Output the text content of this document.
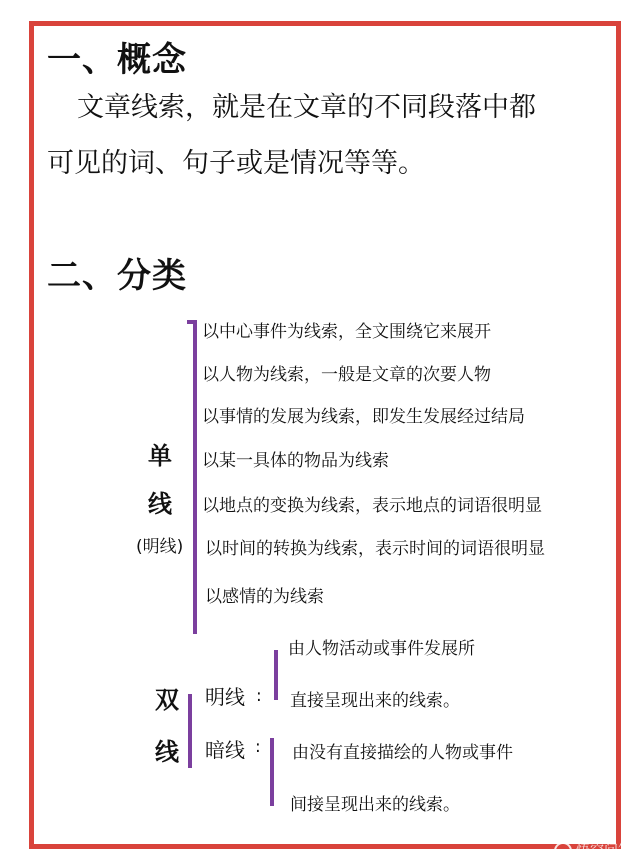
一、概念
文章线索，就是在文章的不同段落中都
可见的词、句子或是情况等等。
二、分类
单
线
(明线)
以中心事件为线索，全文围绕它来展开
以人物为线索，一般是文章的次要人物
以事情的发展为线索，即发生发展经过结局
以某一具体的物品为线索
以地点的变换为线索，表示地点的词语很明显
以时间的转换为线索，表示时间的词语很明显
以感情的为线索
双
线
明线 :
由人物活动或事件发展所
直接呈现出来的线索。
暗线 : 由没有直接描绘的人物或事件
间接呈现出来的线索。
悟空问答
